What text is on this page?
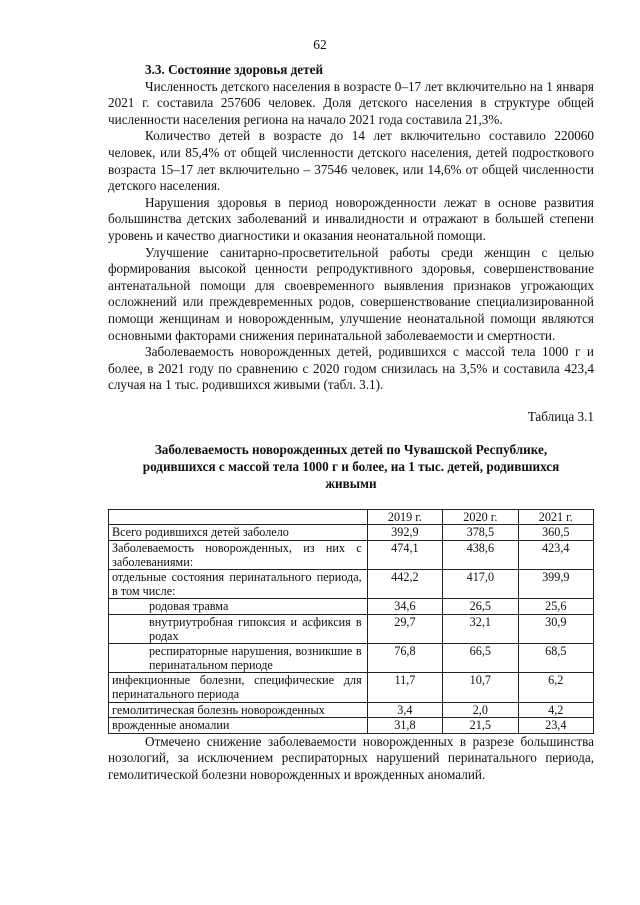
62
3.3. Состояние здоровья детей

Численность детского населения в возрасте 0–17 лет включительно на 1 января 2021 г. составила 257606 человек. Доля детского населения в структуре общей численности населения региона на начало 2021 года составила 21,3%.

Количество детей в возрасте до 14 лет включительно составило 220060 человек, или 85,4% от общей численности детского населения, детей подросткового возраста 15–17 лет включительно – 37546 человек, или 14,6% от общей численности детского населения.

Нарушения здоровья в период новорожденности лежат в основе развития большинства детских заболеваний и инвалидности и отражают в большей степени уровень и качество диагностики и оказания неонатальной помощи.

Улучшение санитарно-просветительной работы среди женщин с целью формирования высокой ценности репродуктивного здоровья, совершенствование антенатальной помощи для своевременного выявления признаков угрожающих осложнений или преждевременных родов, совершенствование специализированной помощи женщинам и новорожденным, улучшение неонатальной помощи являются основными факторами снижения перинатальной заболеваемости и смертности.

Заболеваемость новорожденных детей, родившихся с массой тела 1000 г и более, в 2021 году по сравнению с 2020 годом снизилась на 3,5% и составила 423,4 случая на 1 тыс. родившихся живыми (табл. 3.1).

Таблица 3.1
Заболеваемость новорожденных детей по Чувашской Республике, родившихся с массой тела 1000 г и более, на 1 тыс. детей, родившихся живыми
	2019 г.	2020 г.	2021 г.
Всего родившихся детей заболело	392,9	378,5	360,5
Заболеваемость новорожденных, из них с заболеваниями:	474,1	438,6	423,4
отдельные состояния перинатального периода, в том числе:	442,2	417,0	399,9
родовая травма	34,6	26,5	25,6
внутриутробная гипоксия и асфиксия в родах	29,7	32,1	30,9
респираторные нарушения, возникшие в перинатальном периоде	76,8	66,5	68,5
инфекционные болезни, специфические для перинатального периода	11,7	10,7	6,2
гемолитическая болезнь новорожденных	3,4	2,0	4,2
врожденные аномалии	31,8	21,5	23,4

Отмечено снижение заболеваемости новорожденных в разрезе большинства нозологий, за исключением респираторных нарушений перинатального периода, гемолитической болезни новорожденных и врожденных аномалий.
